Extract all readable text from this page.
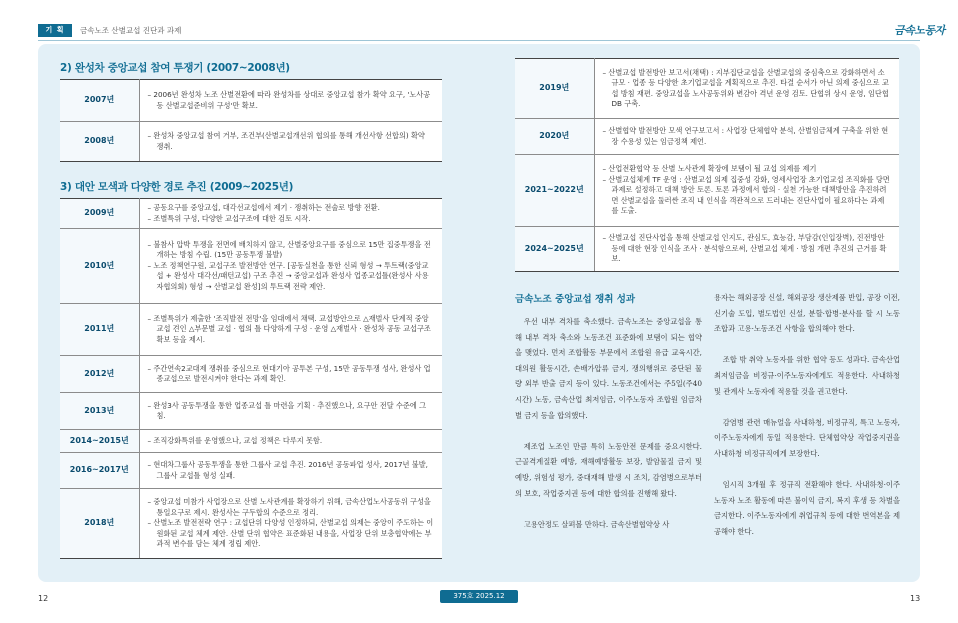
기 획	금속노조 산별교섭 진단과 과제	금속노동자
2) 완성차 중앙교섭 참여 투쟁기 (2007~2008년)
2007년	– 2006년 완성차 노조 산별전환에 따라 완성차를 상대로 중앙교섭 참가 확약 요구, '노사공동 산별교섭준비위 구성'만 확보.

2008년	– 완성차 중앙교섭 참여 거부, 조건부(산별교섭개선위 협의를 통해 개선사항 선합의) 확약 쟁취.
3) 대안 모색과 다양한 경로 추진 (2009~2025년)
2009년	– 공동요구를 중앙교섭, 대각선교섭에서 제기 · 쟁취하는 전술로 방향 전환.
– 조별특위 구성, 다양한 교섭구조에 대한 검토 시작.

2010년	– 불참사 압박 투쟁을 전면에 배치하지 않고, 산별중앙요구를 중심으로 15만 집중투쟁을 전개하는 방침 수립. (15만 공동투쟁 불발)
– 노조 정책연구원, 교섭구조 발전방안 연구. [공동실천을 통한 신뢰 형성 → 투트랙(중앙교섭 + 완성사 대각선/패턴교섭) 구조 추진 → 중앙교섭과 완성사 업종교섭틀(완성사 사용자협의회) 형성 → 산별교섭 완성]의 투트랙 전략 제안.

2011년	– 조별특위가 제출한 '조직발전 전망'을 임대에서 채택. 교섭방안으로 △재벌사 단계적 중앙교섭 견인 △부문별 교섭 · 협의 틀 다양하게 구성 · 운영 △재벌사 · 완성차 공동 교섭구조 확보 등을 제시.

2012년	– 주간연속2교대제 쟁취를 중심으로 현대기아 공투본 구성, 15만 공동투쟁 성사, 완성사 업종교섭으로 발전시켜야 한다는 과제 확인.

2013년	– 완성3사 공동투쟁을 통한 업종교섭 틀 마련을 기획 · 추진했으나, 요구안 전달 수준에 그침.

2014~2015년	– 조직강화특위를 운영했으나, 교섭 정책은 다루지 못함.

2016~2017년	– 현대차그룹사 공동투쟁을 통한 그룹사 교섭 추진. 2016년 공동파업 성사, 2017년 불발, 그룹사 교섭틀 형성 실패.

2018년	– 중앙교섭 미참가 사업장으로 산별 노사관계를 확장하기 위해, 금속산업노사공동위 구성을 통일요구로 제시. 완성사는 구두합의 수준으로 정리.
– 산별노조 발전전략 연구 : 교섭단위 다양성 인정하되, 산별교섭 의제는 중앙이 주도하는 이원화된 교섭 체계 제안. 산별 단위 협약은 표준화된 내용을, 사업장 단위 보충협약에는 부과적 변수를 담는 체계 정립 제안.
2019년	– 산별교섭 발전방안 보고서(채택) : 지부집단교섭을 산별교섭의 중심축으로 강화하면서 소규모 · 업종 등 다양한 초기업교섭을 계획적으로 추진. 타결 순서가 아닌 의제 중심으로 교섭 방침 재편. 중앙교섭을 노사공동위와 변감아 격년 운영 검토. 단협위 상시 운영, 임단협DB 구축.

2020년	– 산별협약 발전방안 모색 연구보고서 : 사업장 단체협약 분석, 산별임금체계 구축을 위한 현장 수용성 있는 임금정책 제언.

2021~2022년	– 산업전환협약 등 산별 노사관계 확장에 보탬이 될 교섭 의제를 제기
– 산별교섭체계 TF 운영 : 산별교섭 의제 집중성 강화, 영세사업장 초기업교섭 조직화를 당면 과제로 설정하고 대책 방안 토론. 토론 과정에서 합의 · 실천 가능한 대책방안을 추진하려면 산별교섭을 둘러싼 조직 내 인식을 객관적으로 드러내는 진단사업이 필요하다는 과제를 도출.

2024~2025년	– 산별교섭 진단사업을 통해 산별교섭 인지도, 관심도, 효능감, 부담감(인입장벽), 진전방안 등에 대한 현장 인식을 조사 · 분석함으로써, 산별교섭 체계 · 방침 개편 추진의 근거를 확보.
금속노조 중앙교섭 쟁취 성과

우선 내부 격차를 축소했다. 금속노조는 중앙교섭을 통해 내부 격차 축소와 노동조건 표준화에 보탬이 되는 협약을 맺었다. 먼저 조합활동 부문에서 조합원 유급 교육시간, 대의원 활동시간, 손배가압류 금지, 쟁의행위로 중단된 물량 외부 반출 금지 등이 있다. 노동조건에서는 주5일(주40시간) 노동, 금속산업 최저임금, 이주노동자 조합원 임금차별 금지 등을 합의했다.

제조업 노조인 만큼 특히 노동안전 문제를 중요시한다. 근골격계질환 예방, 재해예방활동 보장, 발암물질 금지 및 예방, 위험성 평가, 중대재해 발생 시 조치, 감염병으로부터의 보호, 작업중지권 등에 대한 합의를 진행해 왔다.

고용안정도 살펴볼 만하다. 금속산별협약상 사

용자는 해외공장 신설, 해외공장 생산제품 반입, 공장 이전, 신기술 도입, 별도법인 신설, 분할·합병·분사를 할 시 노동조합과 고용·노동조건 사항을 합의해야 한다.

조합 밖 취약 노동자를 위한 협약 등도 성과다. 금속산업 최저임금을 비정규·이주노동자에게도 적용한다. 사내하청 및 관계사 노동자에 적용할 것을 권고한다.

감염병 관련 매뉴얼을 사내하청, 비정규직, 특고 노동자, 이주노동자에게 동일 적용한다. 단체협약상 작업중지권을 사내하청 비정규직에게 보장한다.

임시직 3개월 후 정규직 전환해야 한다. 사내하청·이주노동자 노조 활동에 따른 불이익 금지, 복지 후생 등 차별을 금지한다. 이주노동자에게 취업규칙 등에 대한 번역본을 제공해야 한다.

12	375호 2025.12	13
